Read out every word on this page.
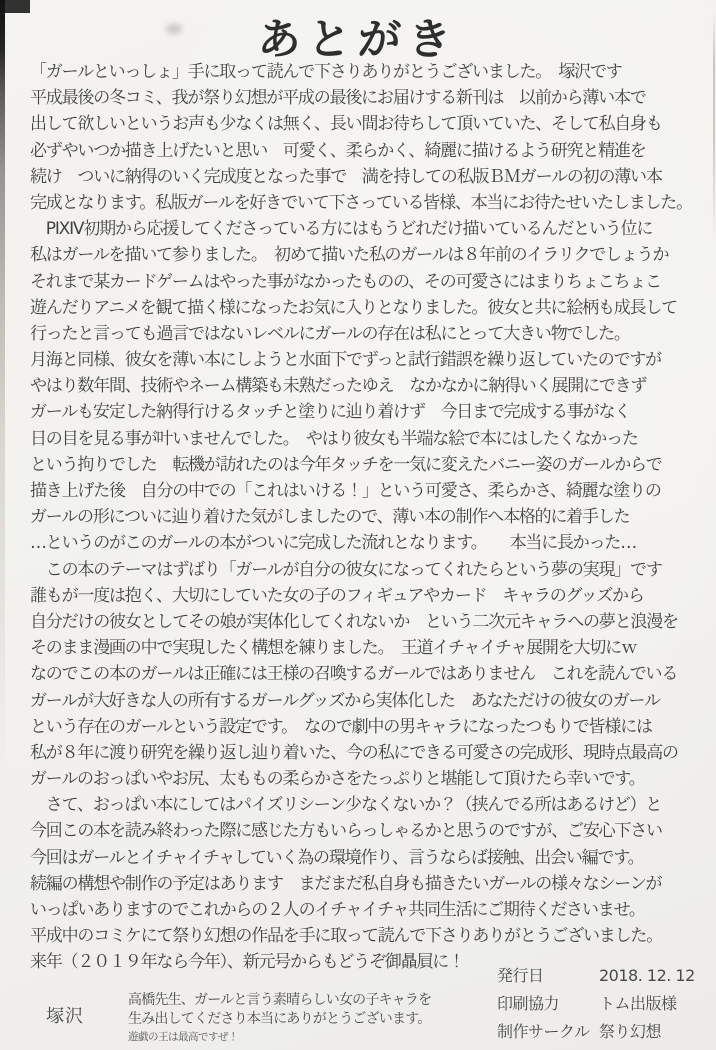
あとがき
「ガールといっしょ」手に取って読んで下さりありがとうございました。　塚沢です
平成最後の冬コミ、我が祭り幻想が平成の最後にお届けする新刊は　以前から薄い本で
出して欲しいというお声も少なくは無く、長い間お待ちして頂いていた、そして私自身も
必ずやいつか描き上げたいと思い　可愛く、柔らかく、綺麗に描けるよう研究と精進を
続け　ついに納得のいく完成度となった事で　満を持しての私版ＢＭガールの初の薄い本
完成となります。私版ガールを好きでいて下さっている皆様、本当にお待たせいたしました。
　PIXIV初期から応援してくださっている方にはもうどれだけ描いているんだという位に
私はガールを描いて参りました。　初めて描いた私のガールは８年前のイラリクでしょうか
それまで某カードゲームはやった事がなかったものの、その可愛さにはまりちょこちょこ
遊んだりアニメを観て描く様になったお気に入りとなりました。彼女と共に絵柄も成長して
行ったと言っても過言ではないレベルにガールの存在は私にとって大きい物でした。
月海と同様、彼女を薄い本にしようと水面下でずっと試行錯誤を繰り返していたのですが
やはり数年間、技術やネーム構築も未熟だったゆえ　なかなかに納得いく展開にできず
ガールも安定した納得行けるタッチと塗りに辿り着けず　今日まで完成する事がなく
日の目を見る事が叶いませんでした。　やはり彼女も半端な絵で本にはしたくなかった
という拘りでした　転機が訪れたのは今年タッチを一気に変えたバニー姿のガールからで
描き上げた後　自分の中での「これはいける！」という可愛さ、柔らかさ、綺麗な塗りの
ガールの形についに辿り着けた気がしましたので、薄い本の制作へ本格的に着手した
…というのがこのガールの本がついに完成した流れとなります。　　本当に長かった…
　この本のテーマはずばり「ガールが自分の彼女になってくれたらという夢の実現」です
誰もが一度は抱く、大切にしていた女の子のフィギュアやカード　キャラのグッズから
自分だけの彼女としてその娘が実体化してくれないか　という二次元キャラへの夢と浪漫を
そのまま漫画の中で実現したく構想を練りました。　王道イチャイチャ展開を大切にｗ
なのでこの本のガールは正確には王様の召喚するガールではありません　これを読んでいる
ガールが大好きな人の所有するガールグッズから実体化した　あなただけの彼女のガール
という存在のガールという設定です。　なので劇中の男キャラになったつもりで皆様には
私が８年に渡り研究を繰り返し辿り着いた、今の私にできる可愛さの完成形、現時点最高の
ガールのおっぱいやお尻、太ももの柔らかさをたっぷりと堪能して頂けたら幸いです。
　さて、おっぱい本にしてはパイズリシーン少なくないか？（挟んでる所はあるけど）と
今回この本を読み終わった際に感じた方もいらっしゃるかと思うのですが、ご安心下さい
今回はガールとイチャイチャしていく為の環境作り、言うならば接触、出会い編です。
続編の構想や制作の予定はあります　まだまだ私自身も描きたいガールの様々なシーンが
いっぱいありますのでこれからの２人のイチャイチャ共同生活にご期待くださいませ。
平成中のコミケにて祭り幻想の作品を手に取って読んで下さりありがとうございました。
来年（２０１９年なら今年）、新元号からもどうぞ御贔屓に！
発行日	2018. 12. 12
印刷協力	トム出版様
制作サークル 祭り幻想
塚沢
高橋先生、ガールと言う素晴らしい女の子キャラを
生み出してくださり本当にありがとうございます。
遊戯の王は最高ですぜ！
